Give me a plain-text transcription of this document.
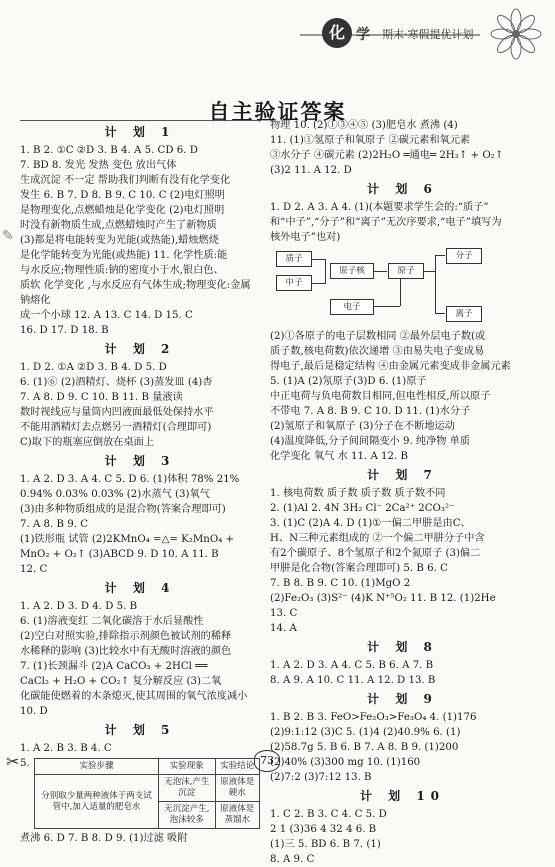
化 学 期末·寒假提优计划
自主验证答案
✎
计 划 1

1. B 2. ①C ②D 3. B 4. A 5. CD 6. D

7. BD 8. 发光 发热 变色 放出气体

生成沉淀 不一定 帮助我们判断有没有化学变化

发生 6. B 7. D 8. B 9. C 10. C (2)电灯照明

是物理变化,点燃蜡烛是化学变化 (2)电灯照明

时没有新物质生成,点燃蜡烛时产生了新物质

(3)都是将电能转变为光能(或热能),蜡烛燃烧

是化学能转变为光能(或热能) 11. 化学性质:能

与水反应;物理性质:钠的密度小于水,银白色、

质软 化学变化 ,与水反应有气体生成;物理变化:金属钠熔化

成一个小球 12. A 13. C 14. D 15. C

16. D 17. D 18. B

计 划 2

1. D 2. ①A ②D 3. B 4. D 5. D

6. (1)⑥ (2)酒精灯、烧杯 (3)蒸发皿 (4)杏

7. A 8. D 9. C 10. B 11. B 量液读

数时视线应与量筒内凹液面最低处保持水平

不能用酒精灯去点燃另一酒精灯(合理即可)

C)取下的瓶塞应倒放在桌面上

计 划 3

1. A 2. D 3. A 4. C 5. D 6. (1)体积 78% 21%

0.94% 0.03% 0.03% (2)水蒸气 (3)氧气

(3)由多种物质组成的是混合物(答案合理即可)

7. A 8. B 9. C

(1)铁形瓶 试管 (2)2KMnO₄ =△= K₂MnO₄ +

MnO₂ + O₂↑ (3)ABCD 9. D 10. A 11. B

12. C

计 划 4

1. A 2. D 3. D 4. D 5. B

6. (1)溶液变红 二氧化碳溶于水后显酸性

(2)空白对照实验,排除指示剂颜色被试剂的稀释

水稀释的影响 (3)比较水中有无酸时溶液的颜色

7. (1)长颈漏斗 (2)A CaCO₃ + 2HCl ══

CaCl₂ + H₂O + CO₂↑ 复分解反应 (3)二氧

化碳能使燃着的木条熄灭,使其周围的氧气浓度减小

10. D

计 划 5

1. A 2. B 3. B 4. C

5.	实验步骤	实验现象	实验结论
分别取少量两种液体于两支试管中,加入适量的肥皂水	无泡沫,产生沉淀	原液体是硬水
	无沉淀产生,泡沫较多	原液体是蒸馏水

煮沸 6. D 7. B 8. D 9. (1)过滤 吸附

物理 10. (2)①③④⑤ (3)肥皂水 煮沸 (4)

11. (1)①氢原子和氧原子 ②碳元素和氧元素

③水分子 ④碳元素 (2)2H₂O ═通电═ 2H₂↑ + O₂↑

(3)2 11. A 12. D

计 划 6

1. D 2. A 3. A 4. (1)(本题要求学生会的:“质子”

和“中子”,“分子”和“离子”无次序要求,“电子”填写为

核外电子”也对)

质子
中子
原子核	原子
电子
分子
离子

(2)①各原子的电子层数相同 ②最外层电子数(或

质子数,核电荷数)依次递增 ③由易失电子变成易

得电子,最后是稳定结构 ④由金属元素变成非金属元素

5. (1)A (2)氖原子(3)D 6. (1)原子

中正电荷与负电荷数目相同,但电性相反,所以原子

不带电 7. A 8. B 9. C 10. D 11. (1)水分子

(2)氢原子和氧原子 (3)分子在不断地运动

(4)温度降低,分子间间隔变小 9. 纯净物 单质

化学变化 氧气 水 11. A 12. B

计 划 7

1. 核电荷数 质子数 质子数 质子数不同

2. (1)Al 2. 4N 3H₂ Cl⁻ 2Ca²⁺ 2CO₃²⁻

3. (1)C (2)A 4. D (1)①一偏二甲肼是由C、

H、N三种元素组成的 ②一个偏二甲肼分子中含

有2个碳原子、8个氢原子和2个氮原子 (3)偏二

甲肼是化合物(答案合理即可) 5. B 6. C

7. B 8. B 9. C 10. (1)MgO 2

(2)Fe₂O₃ (3)S²⁻ (4)K N⁺⁵O₂ 11. B 12. (1)2He

13. C

14. A

计 划 8

1. A 2. D 3. A 4. C 5. B 6. A 7. B

8. A 9. A 10. C 11. A 12. D 13. B

计 划 9

1. B 2. B 3. FeO>Fe₂O₃>Fe₃O₄ 4. (1)176

(2)9:1:12 (3)C 5. (1)4 (2)40.9% 6. (1)

(2)58.7g 5. B 6. B 7. A 8. B 9. (1)200

(2)40% (3)300 mg 10. (1)160

(2)7:2 (3)7:12 13. B

计 划 10

1. C 2. B 3. C 4. C 5. D

2 1 (3)36 4 32 4 6. B

(1)三 5. BD 6. B 7. (1)

8. A 9. C

✂	73
